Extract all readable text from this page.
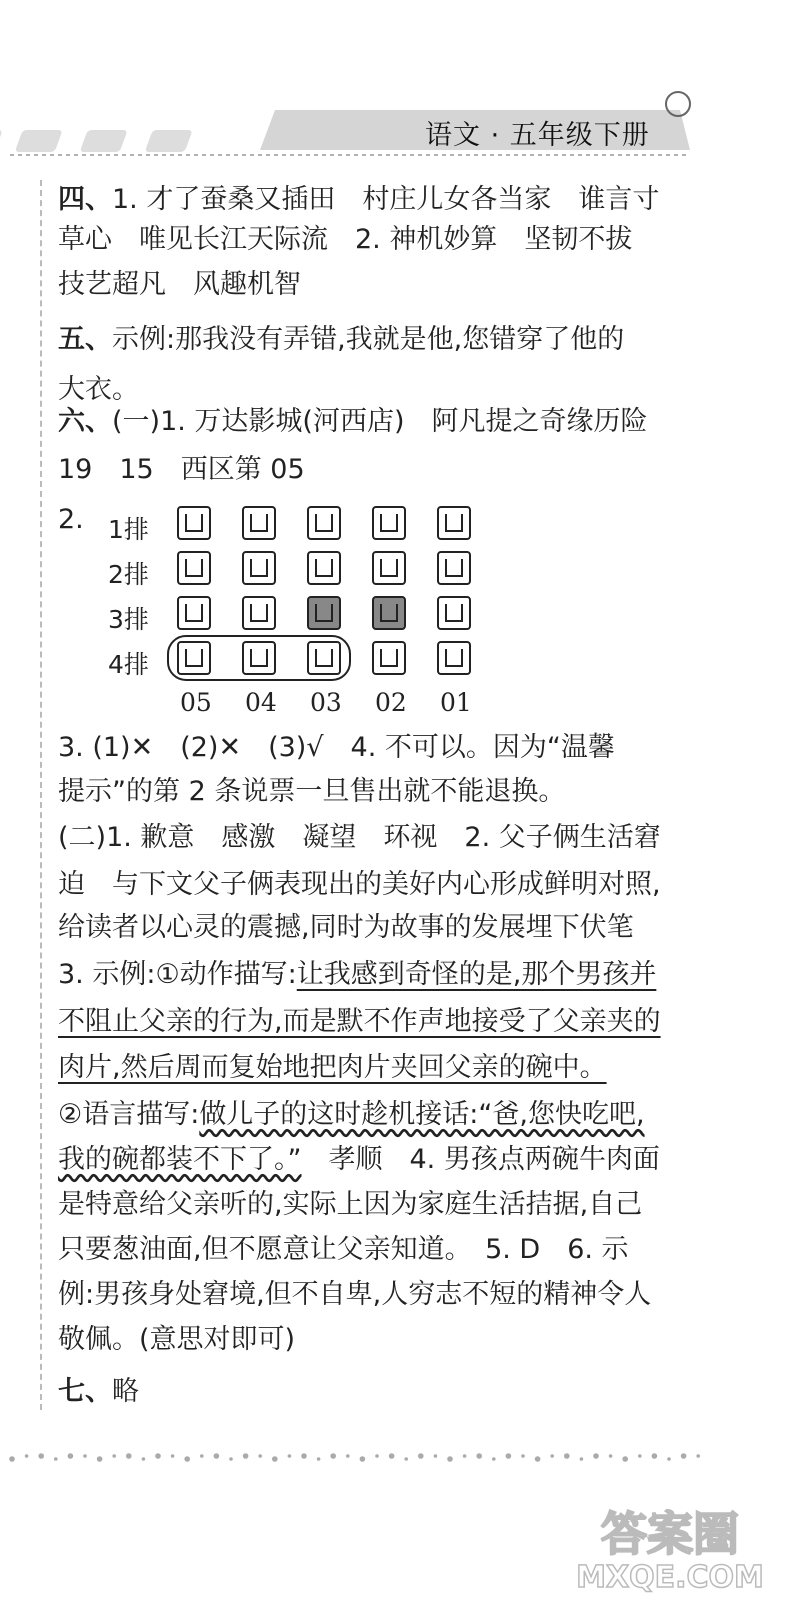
语文 · 五年级下册
四、1. 才了蚕桑又插田　村庄儿女各当家　谁言寸
草心　唯见长江天际流　2. 神机妙算　坚韧不拔
技艺超凡　风趣机智
五、示例:那我没有弄错,我就是他,您错穿了他的
大衣。
六、(一)1. 万达影城(河西店)　阿凡提之奇缘历险
19　15　西区第 05
2. 1排
2排
3排
4排
05 04 03 02 01
3. (1)✕　(2)✕　(3)√　4. 不可以。因为“温馨
提示”的第 2 条说票一旦售出就不能退换。
(二)1. 歉意　感激　凝望　环视　2. 父子俩生活窘
迫　与下文父子俩表现出的美好内心形成鲜明对照,
给读者以心灵的震撼,同时为故事的发展埋下伏笔
3. 示例:①动作描写:让我感到奇怪的是,那个男孩并
不阻止父亲的行为,而是默不作声地接受了父亲夹的
肉片,然后周而复始地把肉片夹回父亲的碗中。
②语言描写:做儿子的这时趁机接话:“爸,您快吃吧,
我的碗都装不下了。”　孝顺　4. 男孩点两碗牛肉面
是特意给父亲听的,实际上因为家庭生活拮据,自己
只要葱油面,但不愿意让父亲知道。　5. D　6. 示
例:男孩身处窘境,但不自卑,人穷志不短的精神令人
敬佩。(意思对即可)
七、略
答案圈
MXQE.COM
